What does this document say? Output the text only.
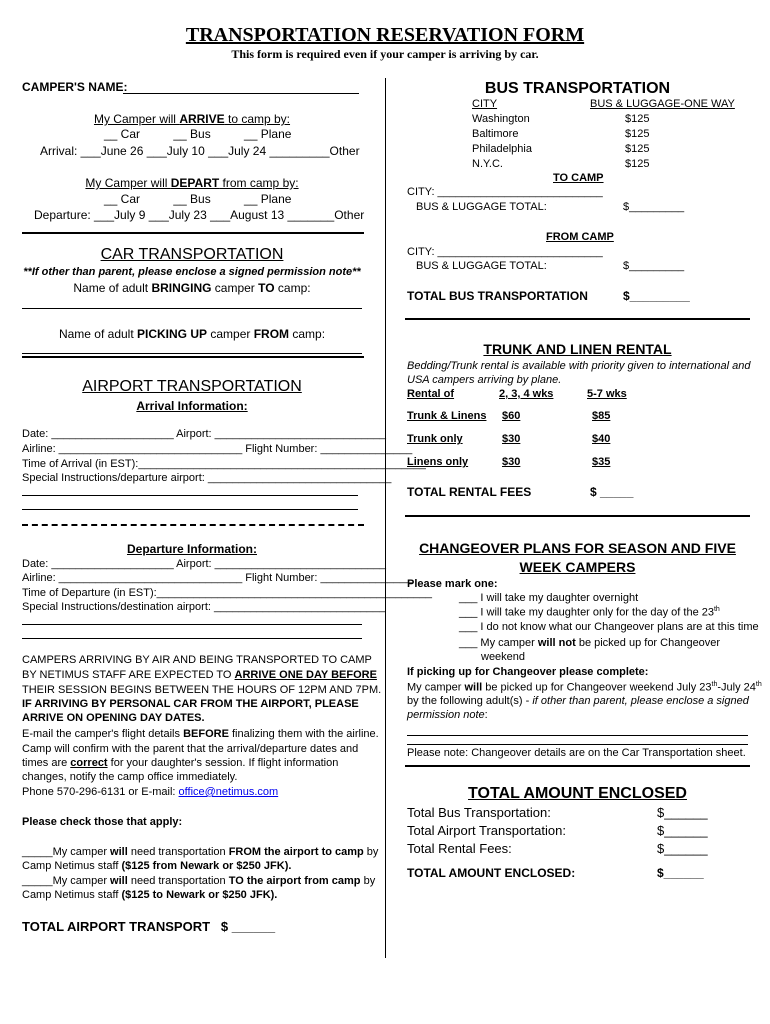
TRANSPORTATION RESERVATION FORM
This form is required even if your camper is arriving by car.
CAMPER'S NAME:
My Camper will ARRIVE to camp by:
__ Car          __ Bus          __ Plane
Arrival: ___June 26 ___July 10 ___July 24 _________Other
My Camper will DEPART from camp by:
__ Car          __ Bus          __ Plane
Departure: ___July 9 ___July 23 ___August 13 _______Other
CAR TRANSPORTATION
**If other than parent, please enclose a signed permission note**
Name of adult BRINGING camper TO camp:
Name of adult PICKING UP camper FROM camp:
AIRPORT TRANSPORTATION
Arrival Information:
Date: ____________________ Airport: ____________________________
Airline: ______________________________ Flight Number: _______________
Time of Arrival (in EST):_______________________________________________
Special Instructions/departure airport: ______________________________
Departure Information:
Date: ____________________ Airport: ____________________________
Airline: ______________________________ Flight Number: _______________
Time of Departure (in EST):_____________________________________________
Special Instructions/destination airport: ____________________________
CAMPERS ARRIVING BY AIR AND BEING TRANSPORTED TO CAMP
BY NETIMUS STAFF ARE EXPECTED TO ARRIVE ONE DAY BEFORE
THEIR SESSION BEGINS BETWEEN THE HOURS OF 12PM AND 7PM.
IF ARRIVING BY PERSONAL CAR FROM THE AIRPORT, PLEASE
ARRIVE ON OPENING DAY DATES.
E-mail the camper's flight details BEFORE finalizing them with the airline.
Camp will confirm with the parent that the arrival/departure dates and
times are correct for your daughter's session. If flight information
changes, notify the camp office immediately.
Phone 570-296-6131 or E-mail: office@netimus.com
Please check those that apply:
_____My camper will need transportation FROM the airport to camp by
Camp Netimus staff ($125 from Newark or $250 JFK).
_____My camper will need transportation TO the airport from camp by
Camp Netimus staff ($125 to Newark or $250 JFK).
TOTAL AIRPORT TRANSPORT   $ ______
BUS TRANSPORTATION
CITY	BUS & LUGGAGE-ONE WAY
Washington	$125
Baltimore	$125
Philadelphia	$125
N.Y.C.	$125
TO CAMP
CITY: ___________________________
BUS & LUGGAGE TOTAL:	$_________
FROM CAMP
CITY: ___________________________
BUS & LUGGAGE TOTAL:	$_________
TOTAL BUS TRANSPORTATION	$_________
TRUNK AND LINEN RENTAL
Bedding/Trunk rental is available with priority given to international and
USA campers arriving by plane.
Rental of	2, 3, 4 wks	5-7 wks
Trunk & Linens $60	$85
Trunk only	$30	$40
Linens only	$30	$35
TOTAL RENTAL FEES	$ _____
CHANGEOVER PLANS FOR SEASON AND FIVE
WEEK CAMPERS
Please mark one:
___ I will take my daughter overnight
___ I will take my daughter only for the day of the 23th
___ I do not know what our Changeover plans are at this time
___ My camper will not be picked up for Changeover
weekend
If picking up for Changeover please complete:
My camper will be picked up for Changeover weekend July 23th-July 24th
by the following adult(s) - if other than parent, please enclose a signed
permission note:
Please note: Changeover details are on the Car Transportation sheet.
TOTAL AMOUNT ENCLOSED
Total Bus Transportation:	$______
Total Airport Transportation:	$______
Total Rental Fees:	$______
TOTAL AMOUNT ENCLOSED:	$______
